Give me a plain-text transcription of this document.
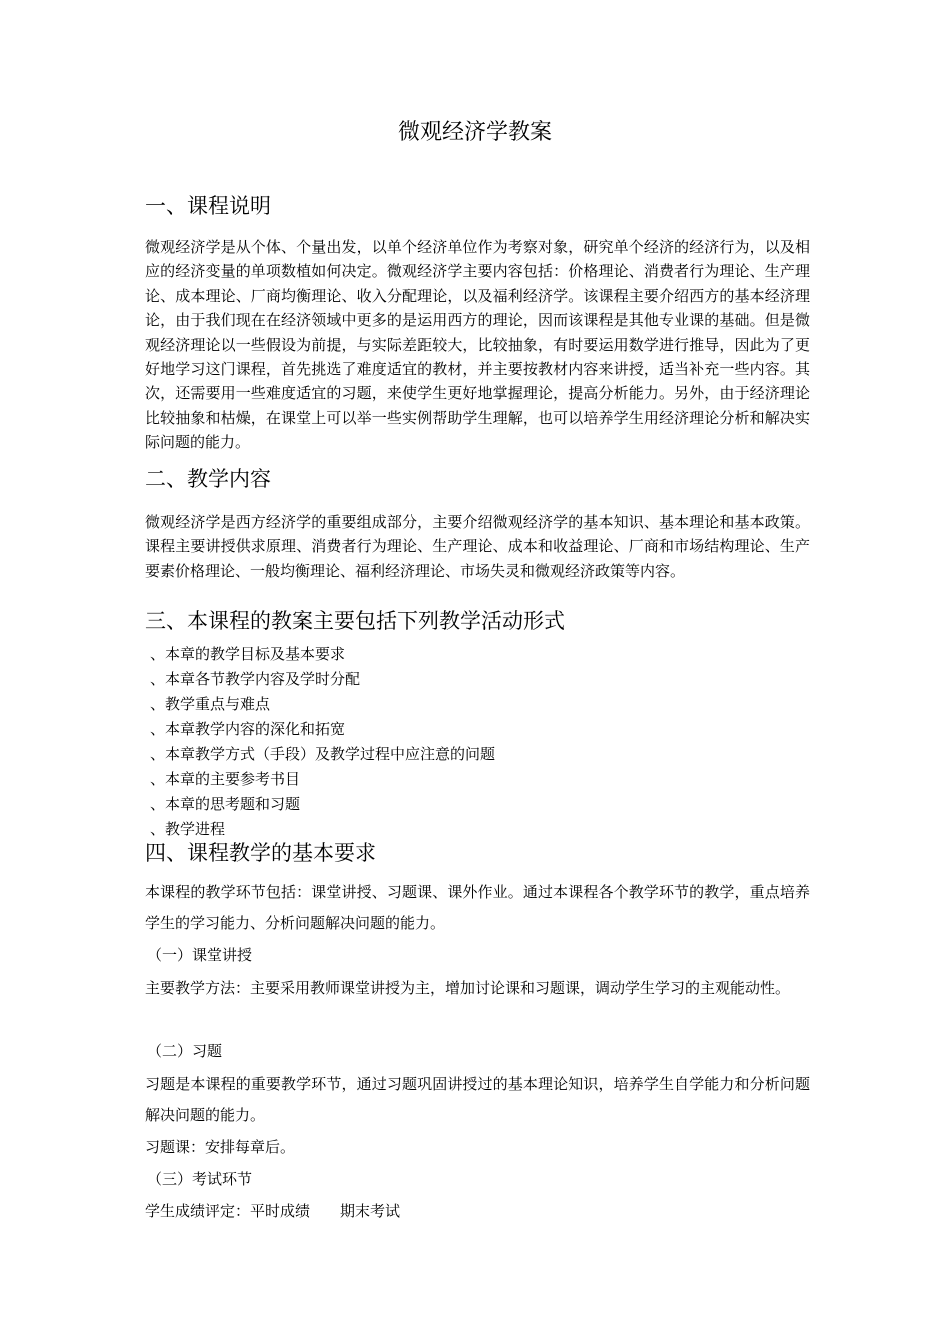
微观经济学教案
一、课程说明

微观经济学是从个体、个量出发，以单个经济单位作为考察对象，研究单个经济的经济行为，以及相应的经济变量的单项数植如何决定。微观经济学主要内容包括：价格理论、消费者行为理论、生产理论、成本理论、厂商均衡理论、收入分配理论，以及福利经济学。该课程主要介绍西方的基本经济理论，由于我们现在在经济领域中更多的是运用西方的理论，因而该课程是其他专业课的基础。但是微观经济理论以一些假设为前提，与实际差距较大，比较抽象，有时要运用数学进行推导，因此为了更好地学习这门课程，首先挑选了难度适宜的教材，并主要按教材内容来讲授，适当补充一些内容。其次，还需要用一些难度适宜的习题，来使学生更好地掌握理论，提高分析能力。另外，由于经济理论比较抽象和枯燥，在课堂上可以举一些实例帮助学生理解，也可以培养学生用经济理论分析和解决实际问题的能力。

二、教学内容

微观经济学是西方经济学的重要组成部分，主要介绍微观经济学的基本知识、基本理论和基本政策。课程主要讲授供求原理、消费者行为理论、生产理论、成本和收益理论、厂商和市场结构理论、生产要素价格理论、一般均衡理论、福利经济理论、市场失灵和微观经济政策等内容。

三、本课程的教案主要包括下列教学活动形式
、本章的教学目标及基本要求
、本章各节教学内容及学时分配
、教学重点与难点
、本章教学内容的深化和拓宽
、本章教学方式（手段）及教学过程中应注意的问题
、本章的主要参考书目
、本章的思考题和习题
、教学进程
四、课程教学的基本要求

本课程的教学环节包括：课堂讲授、习题课、课外作业。通过本课程各个教学环节的教学，重点培养学生的学习能力、分析问题解决问题的能力。

（一）课堂讲授

主要教学方法：主要采用教师课堂讲授为主，增加讨论课和习题课，调动学生学习的主观能动性。

（二）习题

习题是本课程的重要教学环节，通过习题巩固讲授过的基本理论知识，培养学生自学能力和分析问题解决问题的能力。

习题课：安排每章后。
（三）考试环节
学生成绩评定：平时成绩　　期末考试
